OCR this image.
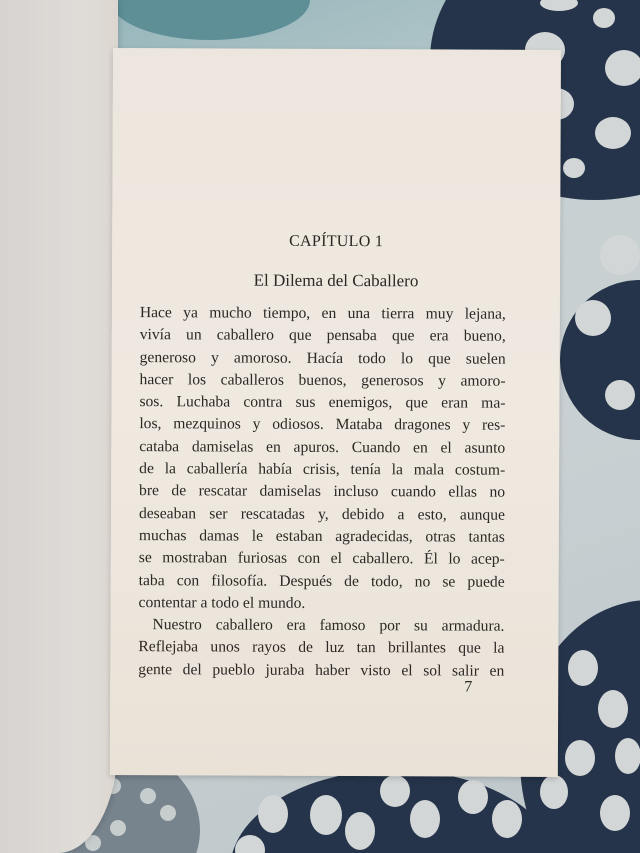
CAPÍTULO 1
El Dilema del Caballero
Hace ya mucho tiempo, en una tierra muy lejana,
vivía un caballero que pensaba que era bueno,
generoso y amoroso. Hacía todo lo que suelen
hacer los caballeros buenos, generosos y amoro-
sos. Luchaba contra sus enemigos, que eran ma-
los, mezquinos y odiosos. Mataba dragones y res-
cataba damiselas en apuros. Cuando en el asunto
de la caballería había crisis, tenía la mala costum-
bre de rescatar damiselas incluso cuando ellas no
deseaban ser rescatadas y, debido a esto, aunque
muchas damas le estaban agradecidas, otras tantas
se mostraban furiosas con el caballero. Él lo acep-
taba con filosofía. Después de todo, no se puede
contentar a todo el mundo.
Nuestro caballero era famoso por su armadura.
Reflejaba unos rayos de luz tan brillantes que la
gente del pueblo juraba haber visto el sol salir en
7
